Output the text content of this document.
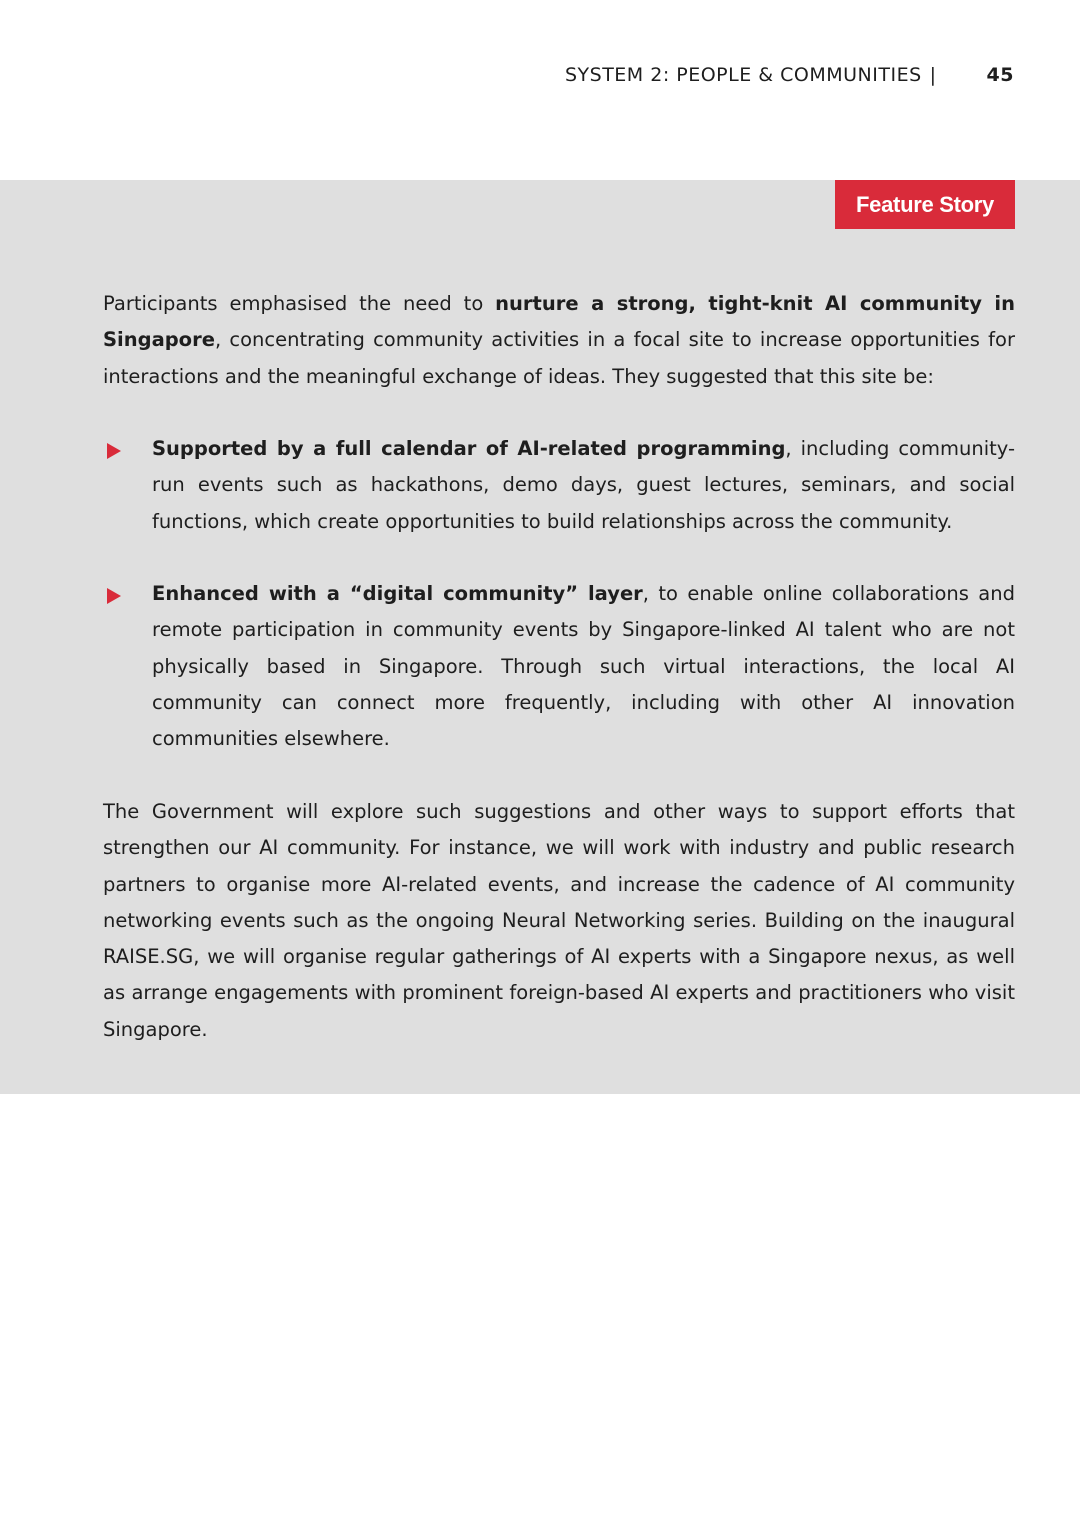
SYSTEM 2: PEOPLE & COMMUNITIES |	45
Feature Story

Participants emphasised the need to nurture a strong, tight-knit AI community in Singapore, concentrating community activities in a focal site to increase opportunities for interactions and the meaningful exchange of ideas. They suggested that this site be:

Supported by a full calendar of AI-related programming, including community-run events such as hackathons, demo days, guest lectures, seminars, and social functions, which create opportunities to build relationships across the community.

Enhanced with a “digital community” layer, to enable online collaborations and remote participation in community events by Singapore-linked AI talent who are not physically based in Singapore. Through such virtual interactions, the local AI community can connect more frequently, including with other AI innovation communities elsewhere.

The Government will explore such suggestions and other ways to support efforts that strengthen our AI community. For instance, we will work with industry and public research partners to organise more AI-related events, and increase the cadence of AI community networking events such as the ongoing Neural Networking series. Building on the inaugural RAISE.SG, we will organise regular gatherings of AI experts with a Singapore nexus, as well as arrange engagements with prominent foreign-based AI experts and practitioners who visit Singapore.
